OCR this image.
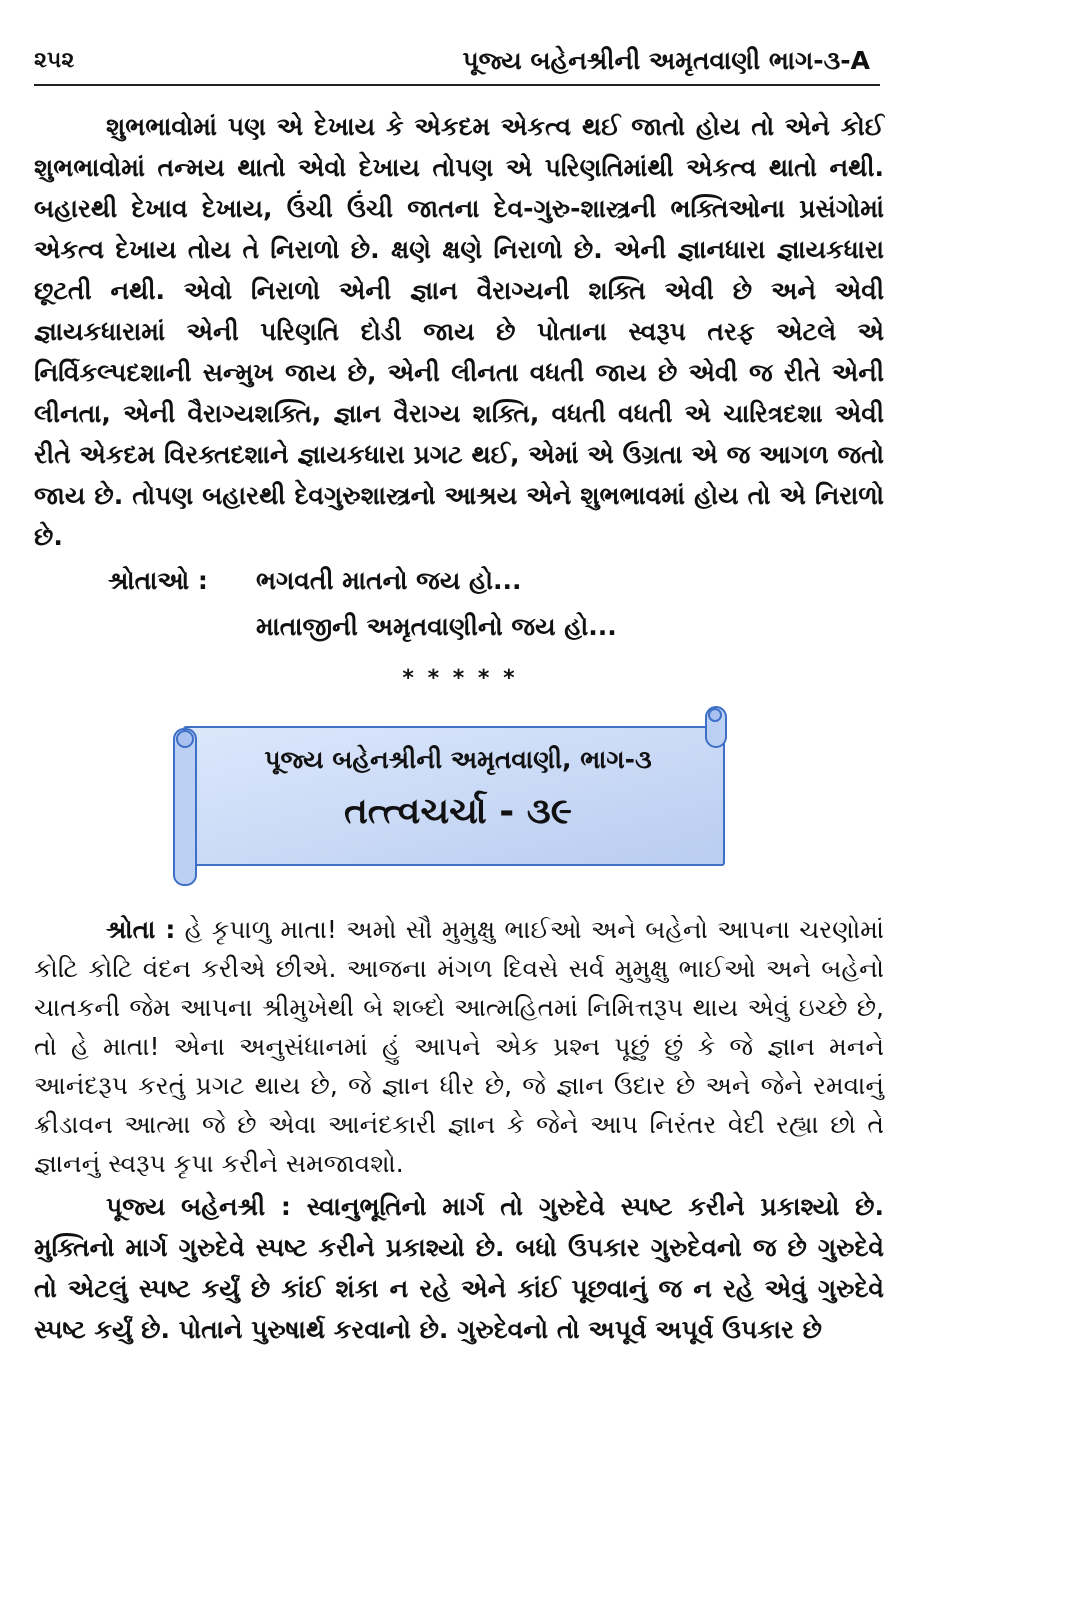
૨૫૨	પૂજ્ય બહેનશ્રીની અમૃતવાણી ભાગ-૩-A

શુભભાવોમાં પણ એ દેખાય કે એકદમ એકત્વ થઈ જાતો હોય તો એને કોઈ શુભભાવોમાં તન્મય થાતો એવો દેખાય તોપણ એ પરિણતિમાંથી એકત્વ થાતો નથી. બહારથી દેખાવ દેખાય, ઉંચી ઉંચી જાતના દેવ-ગુરુ-શાસ્ત્રની ભક્તિઓના પ્રસંગોમાં એકત્વ દેખાય તોય તે નિરાળો છે. ક્ષણે ક્ષણે નિરાળો છે. એની જ્ઞાનધારા જ્ઞાયકધારા છૂટતી નથી. એવો નિરાળો એની જ્ઞાન વૈરાગ્યની શક્તિ એવી છે અને એવી જ્ઞાયકધારામાં એની પરિણતિ દોડી જાય છે પોતાના સ્વરૂપ તરફ એટલે એ નિર્વિકલ્પદશાની સન્મુખ જાય છે, એની લીનતા વધતી જાય છે એવી જ રીતે એની લીનતા, એની વૈરાગ્યશક્તિ, જ્ઞાન વૈરાગ્ય શક્તિ, વધતી વધતી એ ચારિત્રદશા એવી રીતે એકદમ વિરક્તદશાને જ્ઞાયકધારા પ્રગટ થઈ, એમાં એ ઉગ્રતા એ જ આગળ જતો જાય છે. તોપણ બહારથી દેવગુરુશાસ્ત્રનો આશ્રય એને શુભભાવમાં હોય તો એ નિરાળો છે.

શ્રોતાઓ :	ભગવતી માતનો જય હો...
માતાજીની અમૃતવાણીનો જય હો...
* * * * *
પૂજ્ય બહેનશ્રીની અમૃતવાણી, ભાગ-૩
તત્ત્વચર્ચા - ૩૯

શ્રોતા : હે કૃપાળુ માતા! અમો સૌ મુમુક્ષુ ભાઈઓ અને બહેનો આપના ચરણોમાં કોટિ કોટિ વંદન કરીએ છીએ. આજના મંગળ દિવસે સર્વ મુમુક્ષુ ભાઈઓ અને બહેનો ચાતકની જેમ આપના શ્રીમુખેથી બે શબ્દો આત્મહિતમાં નિમિત્તરૂપ થાય એવું ઇચ્છે છે, તો હે માતા! એના અનુસંધાનમાં હું આપને એક પ્રશ્ન પૂછું છું કે જે જ્ઞાન મનને આનંદરૂપ કરતું પ્રગટ થાય છે, જે જ્ઞાન ધીર છે, જે જ્ઞાન ઉદાર છે અને જેને રમવાનું ક્રીડાવન આત્મા જે છે એવા આનંદકારી જ્ઞાન કે જેને આપ નિરંતર વેદી રહ્યા છો તે જ્ઞાનનું સ્વરૂપ કૃપા કરીને સમજાવશો.

પૂજ્ય બહેનશ્રી : સ્વાનુભૂતિનો માર્ગ તો ગુરુદેવે સ્પષ્ટ કરીને પ્રકાશ્યો છે. મુક્તિનો માર્ગ ગુરુદેવે સ્પષ્ટ કરીને પ્રકાશ્યો છે. બધો ઉપકાર ગુરુદેવનો જ છે ગુરુદેવે તો એટલું સ્પષ્ટ કર્યું છે કાંઈ શંકા ન રહે એને કાંઈ પૂછવાનું જ ન રહે એવું ગુરુદેવે સ્પષ્ટ કર્યું છે. પોતાને પુરુષાર્થ કરવાનો છે. ગુરુદેવનો તો અપૂર્વ અપૂર્વ ઉપકાર છે
